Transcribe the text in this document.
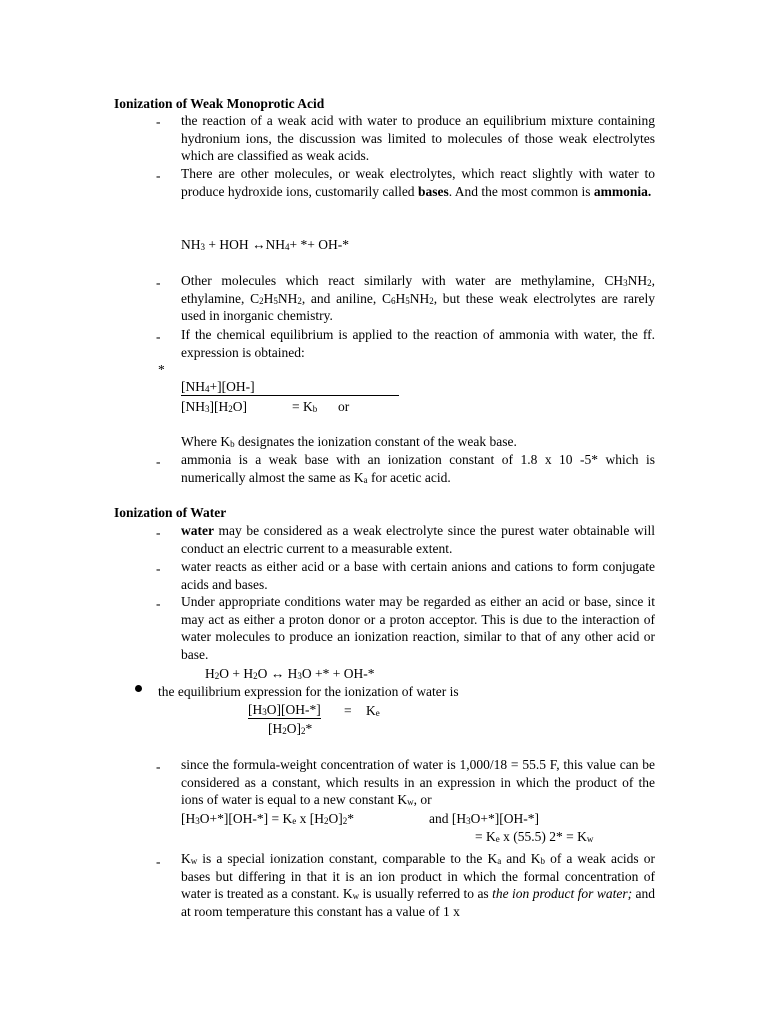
Ionization of Weak Monoprotic Acid
- the reaction of a weak acid with water to produce an equilibrium mixture containing hydronium ions, the discussion was limited to molecules of those weak electrolytes which are classified as weak acids.
- There are other molecules, or weak electrolytes, which react slightly with water to produce hydroxide ions, customarily called bases. And the most common is ammonia.
$NH_3$ + HOH $\leftrightarrow NH_4+ *+ OH-*$
- Other molecules which react similarly with water are methylamine, $CH_3NH_2$, ethylamine, $C_2H_5NH_2$, and aniline, $C_6H_5NH_2$, but these weak electrolytes are rarely used in inorganic chemistry.
- If the chemical equilibrium is applied to the reaction of ammonia with water, the ff. expression is obtained:
*
$[NH_4+][OH-]$
$[NH_3][H_2O]$	= $K_b$ or
Where $K_b$ designates the ionization constant of the weak base.
- ammonia is a weak base with an ionization constant of 1.8 x 10 -5* which is numerically almost the same as $K_a$ for acetic acid.
Ionization of Water
- water may be considered as a weak electrolyte since the purest water obtainable will conduct an electric current to a measurable extent.
- water reacts as either acid or a base with certain anions and cations to form conjugate acids and bases.
- Under appropriate conditions water may be regarded as either an acid or base, since it may act as either a proton donor or a proton acceptor. This is due to the interaction of water molecules to produce an ionization reaction, similar to that of any other acid or base.
$H_2O + H_2O$ ↔ $H_3O$ +* + OH-*
the equilibrium expression for the ionization of water is
$[H_3O][OH-*] = K_e$
$[H_2O]_2*$
- since the formula-weight concentration of water is 1,000/18 = 55.5 F, this value can be considered as a constant, which results in an expression in which the product of the ions of water is equal to a new constant $K_w$, or
$[H_3O+*][OH-*] = K_e$ x $[H_2O]_2*$	and $[H_3O+*][OH-*]$
= $K_e$ x (55.5) $2* = K_w$
- $K_w$ is a special ionization constant, comparable to the $K_a$ and $K_b$ of a weak acids or bases but differing in that it is an ion product in which the formal concentration of water is treated as a constant. $K_w$ is usually referred to as the ion product for water; and at room temperature this constant has a value of 1 x
